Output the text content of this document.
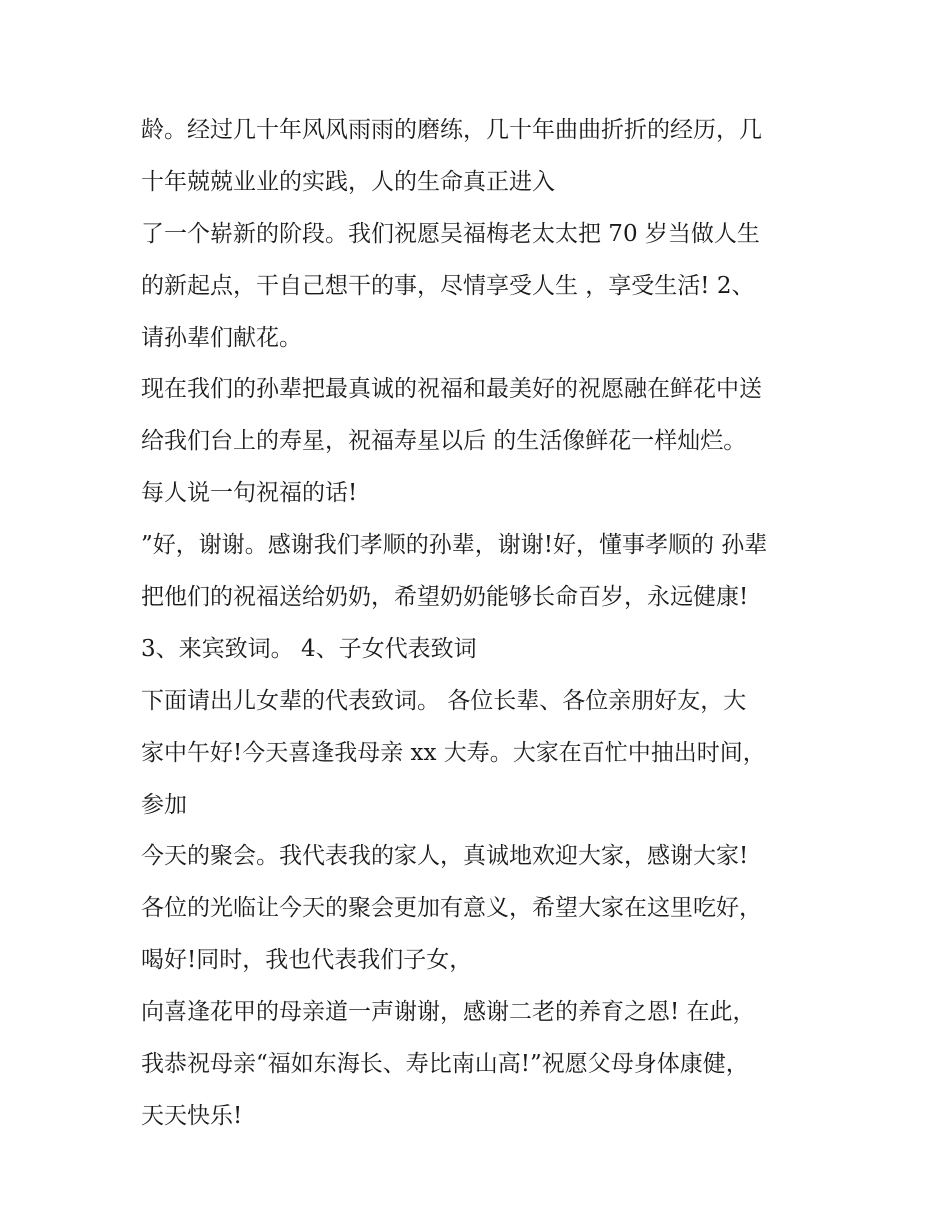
龄。经过几十年风风雨雨的磨练，几十年曲曲折折的经历，几
十年兢兢业业的实践，人的生命真正进入
了一个崭新的阶段。我们祝愿吴福梅老太太把 70 岁当做人生
的新起点，干自己想干的事，尽情享受人生 ，享受生活! 2、
请孙辈们献花。
现在我们的孙辈把最真诚的祝福和最美好的祝愿融在鲜花中送
给我们台上的寿星，祝福寿星以后 的生活像鲜花一样灿烂。
每人说一句祝福的话!
”好，谢谢。感谢我们孝顺的孙辈，谢谢!好，懂事孝顺的 孙辈
把他们的祝福送给奶奶，希望奶奶能够长命百岁，永远健康!
3、来宾致词。 4、子女代表致词
下面请出儿女辈的代表致词。 各位长辈、各位亲朋好友，大
家中午好!今天喜逢我母亲 xx 大寿。大家在百忙中抽出时间，
参加
今天的聚会。我代表我的家人，真诚地欢迎大家，感谢大家!
各位的光临让今天的聚会更加有意义，希望大家在这里吃好，
喝好!同时，我也代表我们子女，
向喜逢花甲的母亲道一声谢谢，感谢二老的养育之恩! 在此，
我恭祝母亲“福如东海长、寿比南山高!”祝愿父母身体康健，
天天快乐!
